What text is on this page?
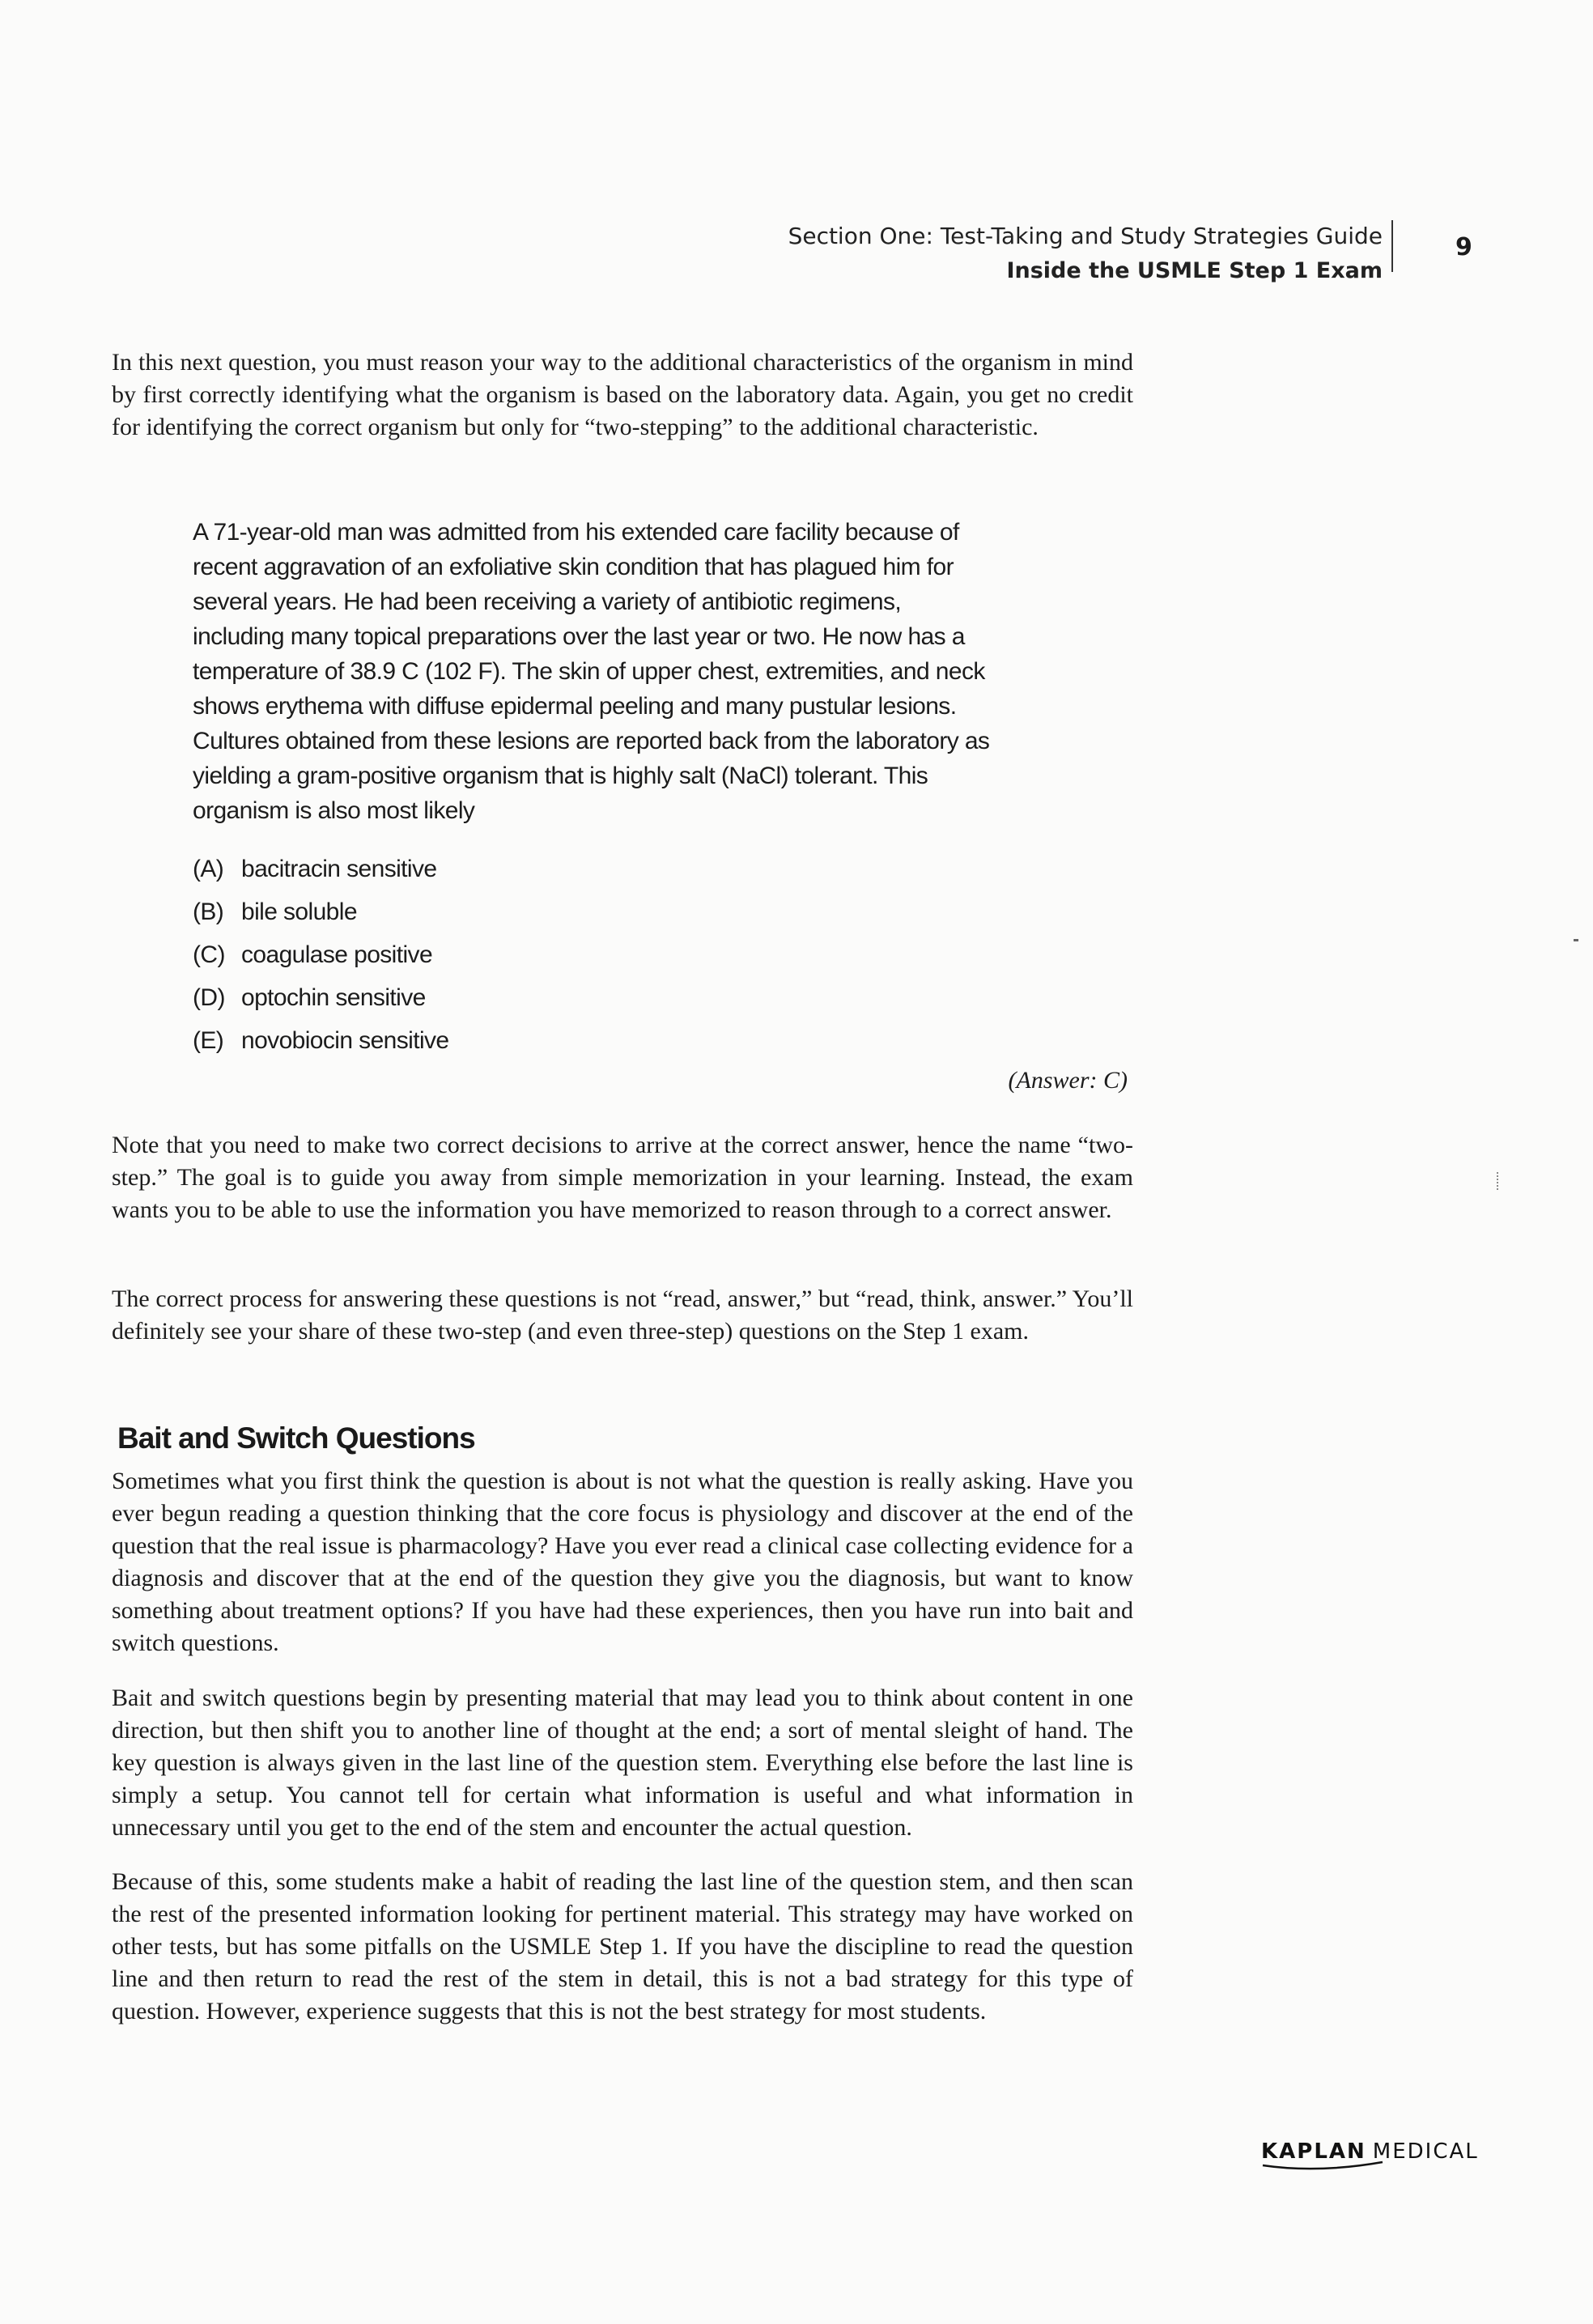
Section One: Test-Taking and Study Strategies Guide
Inside the USMLE Step 1 Exam
9

In this next question, you must reason your way to the additional characteristics of the organism in mind by first correctly identifying what the organism is based on the laboratory data. Again, you get no credit for identifying the correct organism but only for “two-stepping” to the additional characteristic.

A 71-year-old man was admitted from his extended care facility because of recent aggravation of an exfoliative skin condition that has plagued him for several years. He had been receiving a variety of antibiotic regimens, including many topical preparations over the last year or two. He now has a temperature of 38.9 C (102 F). The skin of upper chest, extremities, and neck shows erythema with diffuse epidermal peeling and many pustular lesions. Cultures obtained from these lesions are reported back from the laboratory as yielding a gram-positive organism that is highly salt (NaCl) tolerant. This organism is also most likely

(A) bacitracin sensitive
(B) bile soluble
(C) coagulase positive
(D) optochin sensitive
(E) novobiocin sensitive
(Answer: C)

Note that you need to make two correct decisions to arrive at the correct answer, hence the name “two-step.” The goal is to guide you away from simple memorization in your learning. Instead, the exam wants you to be able to use the information you have memorized to reason through to a correct answer.

The correct process for answering these questions is not “read, answer,” but “read, think, answer.” You’ll definitely see your share of these two-step (and even three-step) questions on the Step 1 exam.

Bait and Switch Questions

Sometimes what you first think the question is about is not what the question is really asking. Have you ever begun reading a question thinking that the core focus is physiology and discover at the end of the question that the real issue is pharmacology? Have you ever read a clinical case collecting evidence for a diagnosis and discover that at the end of the question they give you the diagnosis, but want to know something about treatment options? If you have had these experiences, then you have run into bait and switch questions.

Bait and switch questions begin by presenting material that may lead you to think about content in one direction, but then shift you to another line of thought at the end; a sort of mental sleight of hand. The key question is always given in the last line of the question stem. Everything else before the last line is simply a setup. You cannot tell for certain what information is useful and what information in unnecessary until you get to the end of the stem and encounter the actual question.

Because of this, some students make a habit of reading the last line of the question stem, and then scan the rest of the presented information looking for pertinent material. This strategy may have worked on other tests, but has some pitfalls on the USMLE Step 1. If you have the discipline to read the question line and then return to read the rest of the stem in detail, this is not a bad strategy for this type of question. However, experience suggests that this is not the best strategy for most students.

KAPLAN MEDICAL
